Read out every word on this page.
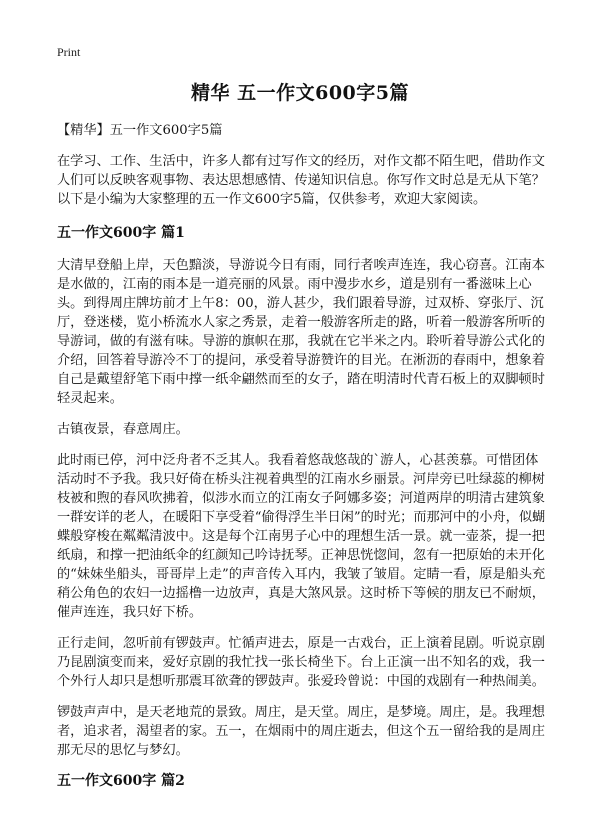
Print
精华 五一作文600字5篇

【精华】五一作文600字5篇

在学习、工作、生活中，许多人都有过写作文的经历，对作文都不陌生吧，借助作文人们可以反映客观事物、表达思想感情、传递知识信息。你写作文时总是无从下笔？以下是小编为大家整理的五一作文600字5篇，仅供参考，欢迎大家阅读。

五一作文600字 篇1

大清早登船上岸，天色黯淡，导游说今日有雨，同行者唉声连连，我心窃喜。江南本是水做的，江南的雨本是一道亮丽的风景。雨中漫步水乡，道是别有一番滋味上心头。到得周庄牌坊前才上午8：00，游人甚少，我们跟着导游，过双桥、穿张厅、沉厅，登迷楼，览小桥流水人家之秀景，走着一般游客所走的路，听着一般游客所听的导游词，做的有滋有味。导游的旗帜在那，我就在它半米之内。聆听着导游公式化的介绍，回答着导游冷不丁的提问，承受着导游赞许的目光。在淅沥的春雨中，想象着自己是戴望舒笔下雨中撑一纸伞翩然而至的女子，踏在明清时代青石板上的双脚顿时轻灵起来。

古镇夜景，春意周庄。

此时雨已停，河中泛舟者不乏其人。我看着悠哉悠哉的`游人，心甚羡慕。可惜团体活动时不予我。我只好倚在桥头注视着典型的江南水乡丽景。河岸旁已吐绿蕊的柳树枝被和煦的春风吹拂着，似涉水而立的江南女子阿娜多姿；河道两岸的明清古建筑象一群安详的老人，在暖阳下享受着“偷得浮生半日闲”的时光；而那河中的小舟，似蝴蝶般穿梭在粼粼清波中。这是每个江南男子心中的理想生活一景。就一壶茶，提一把纸扇，和撑一把油纸伞的红颜知己吟诗抚琴。正神思恍惚间，忽有一把原始的未开化的“妹妹坐船头，哥哥岸上走”的声音传入耳内，我皱了皱眉。定睛一看，原是船头充稍公角色的农妇一边摇橹一边放声，真是大煞风景。这时桥下等候的朋友已不耐烦，催声连连，我只好下桥。

正行走间，忽听前有锣鼓声。忙循声进去，原是一古戏台，正上演着昆剧。听说京剧乃昆剧演变而来，爱好京剧的我忙找一张长椅坐下。台上正演一出不知名的戏，我一个外行人却只是想听那震耳欲聋的锣鼓声。张爱玲曾说：中国的戏剧有一种热闹美。

锣鼓声声中，是天老地荒的景致。周庄，是天堂。周庄，是梦境。周庄，是。我理想者，追求者，渴望者的家。五一，在烟雨中的周庄逝去，但这个五一留给我的是周庄那无尽的思忆与梦幻。

五一作文600字 篇2
